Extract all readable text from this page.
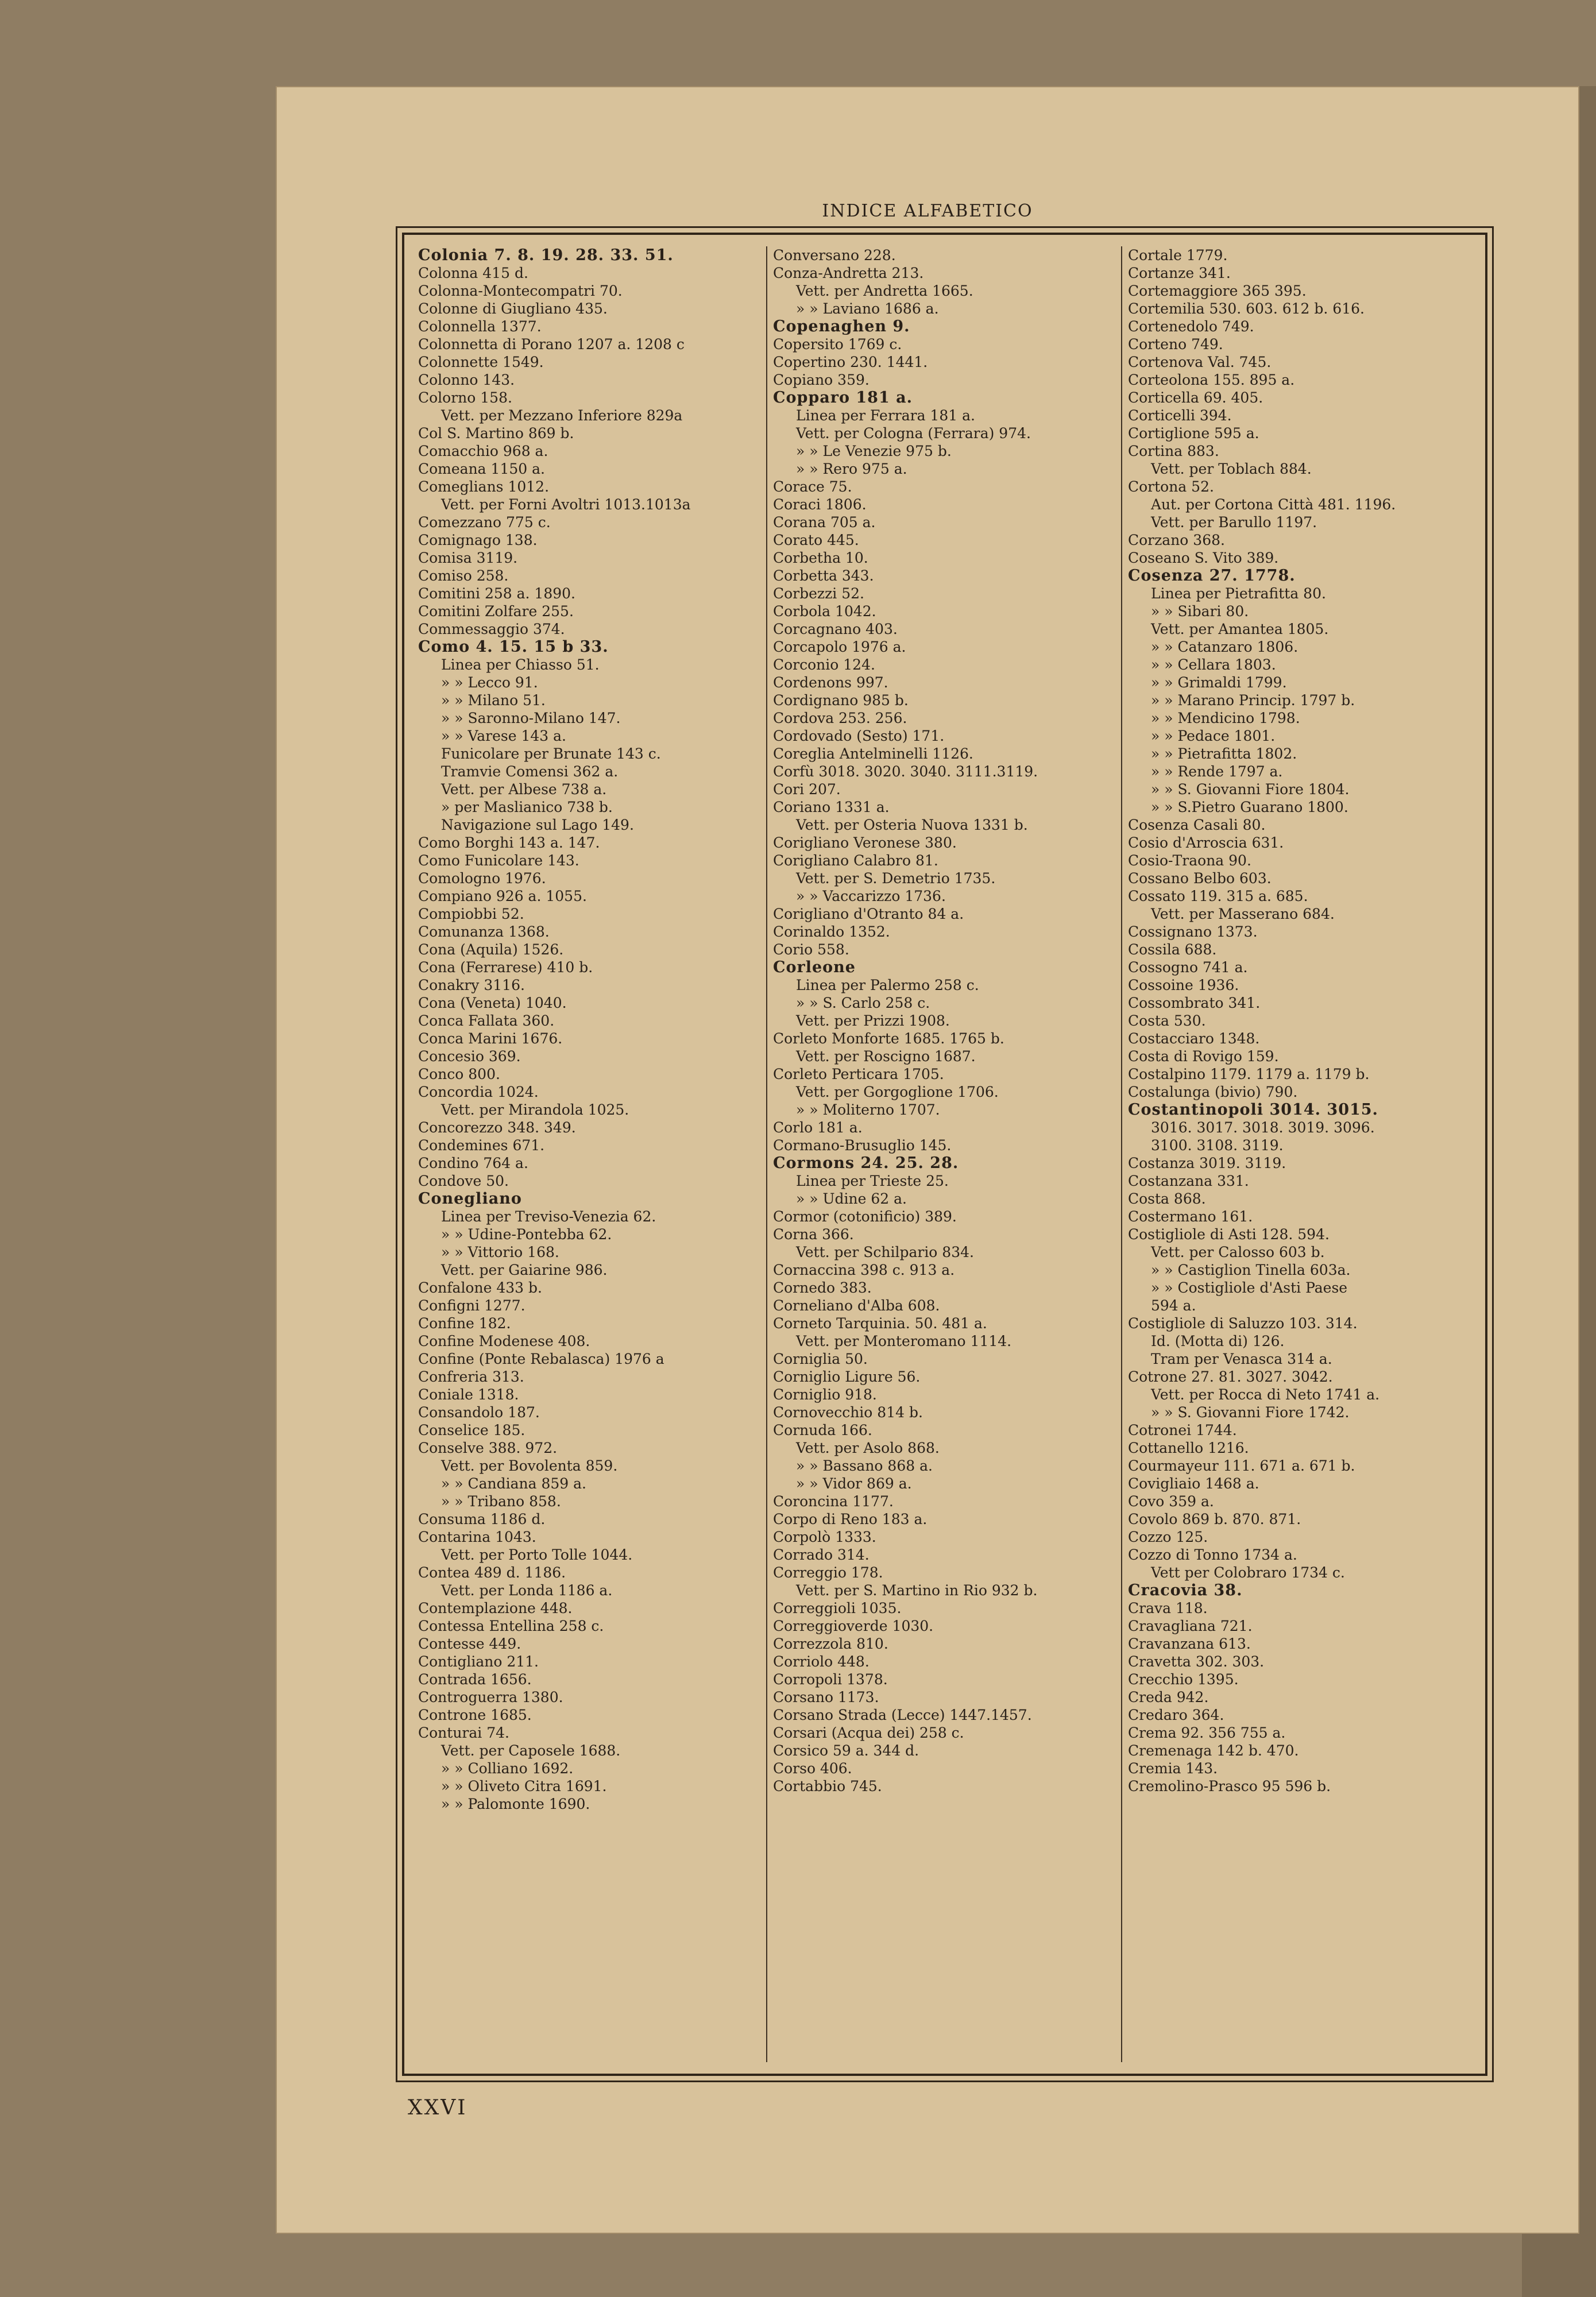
INDICE ALFABETICO
Colonia 7. 8. 19. 28. 33. 51.
Colonna 415 d.
Colonna-Montecompatri 70.
Colonne di Giugliano 435.
Colonnella 1377.
Colonnetta di Porano 1207 a. 1208 c
Colonnette 1549.
Colonno 143.
Colorno 158.
Vett. per Mezzano Inferiore 829a
Col S. Martino 869 b.
Comacchio 968 a.
Comeana 1150 a.
Comeglians 1012.
Vett. per Forni Avoltri 1013.1013a
Comezzano 775 c.
Comignago 138.
Comisa 3119.
Comiso 258.
Comitini 258 a. 1890.
Comitini Zolfare 255.
Commessaggio 374.
Como 4. 15. 15 b 33.
Linea per Chiasso 51.
» » Lecco 91.
» » Milano 51.
» » Saronno-Milano 147.
» » Varese 143 a.
Funicolare per Brunate 143 c.
Tramvie Comensi 362 a.
Vett. per Albese 738 a.
» per Maslianico 738 b.
Navigazione sul Lago 149.
Como Borghi 143 a. 147.
Como Funicolare 143.
Comologno 1976.
Compiano 926 a. 1055.
Compiobbi 52.
Comunanza 1368.
Cona (Aquila) 1526.
Cona (Ferrarese) 410 b.
Conakry 3116.
Cona (Veneta) 1040.
Conca Fallata 360.
Conca Marini 1676.
Concesio 369.
Conco 800.
Concordia 1024.
Vett. per Mirandola 1025.
Concorezzo 348. 349.
Condemines 671.
Condino 764 a.
Condove 50.
Conegliano
Linea per Treviso-Venezia 62.
» » Udine-Pontebba 62.
» » Vittorio 168.
Vett. per Gaiarine 986.
Confalone 433 b.
Configni 1277.
Confine 182.
Confine Modenese 408.
Confine (Ponte Rebalasca) 1976 a
Confreria 313.
Coniale 1318.
Consandolo 187.
Conselice 185.
Conselve 388. 972.
Vett. per Bovolenta 859.
» » Candiana 859 a.
» » Tribano 858.
Consuma 1186 d.
Contarina 1043.
Vett. per Porto Tolle 1044.
Contea 489 d. 1186.
Vett. per Londa 1186 a.
Contemplazione 448.
Contessa Entellina 258 c.
Contesse 449.
Contigliano 211.
Contrada 1656.
Controguerra 1380.
Controne 1685.
Conturai 74.
Vett. per Caposele 1688.
» » Colliano 1692.
» » Oliveto Citra 1691.
» » Palomonte 1690.
Conversano 228.
Conza-Andretta 213.
Vett. per Andretta 1665.
» » Laviano 1686 a.
Copenaghen 9.
Copersito 1769 c.
Copertino 230. 1441.
Copiano 359.
Copparo 181 a.
Linea per Ferrara 181 a.
Vett. per Cologna (Ferrara) 974.
» » Le Venezie 975 b.
» » Rero 975 a.
Corace 75.
Coraci 1806.
Corana 705 a.
Corato 445.
Corbetha 10.
Corbetta 343.
Corbezzi 52.
Corbola 1042.
Corcagnano 403.
Corcapolo 1976 a.
Corconio 124.
Cordenons 997.
Cordignano 985 b.
Cordova 253. 256.
Cordovado (Sesto) 171.
Coreglia Antelminelli 1126.
Corfù 3018. 3020. 3040. 3111.3119.
Cori 207.
Coriano 1331 a.
Vett. per Osteria Nuova 1331 b.
Corigliano Veronese 380.
Corigliano Calabro 81.
Vett. per S. Demetrio 1735.
» » Vaccarizzo 1736.
Corigliano d'Otranto 84 a.
Corinaldo 1352.
Corio 558.
Corleone
Linea per Palermo 258 c.
» » S. Carlo 258 c.
Vett. per Prizzi 1908.
Corleto Monforte 1685. 1765 b.
Vett. per Roscigno 1687.
Corleto Perticara 1705.
Vett. per Gorgoglione 1706.
» » Moliterno 1707.
Corlo 181 a.
Cormano-Brusuglio 145.
Cormons 24. 25. 28.
Linea per Trieste 25.
» » Udine 62 a.
Cormor (cotonificio) 389.
Corna 366.
Vett. per Schilpario 834.
Cornaccina 398 c. 913 a.
Cornedo 383.
Corneliano d'Alba 608.
Corneto Tarquinia. 50. 481 a.
Vett. per Monteromano 1114.
Corniglia 50.
Corniglio Ligure 56.
Corniglio 918.
Cornovecchio 814 b.
Cornuda 166.
Vett. per Asolo 868.
» » Bassano 868 a.
» » Vidor 869 a.
Coroncina 1177.
Corpo di Reno 183 a.
Corpolò 1333.
Corrado 314.
Correggio 178.
Vett. per S. Martino in Rio 932 b.
Correggioli 1035.
Correggioverde 1030.
Correzzola 810.
Corriolo 448.
Corropoli 1378.
Corsano 1173.
Corsano Strada (Lecce) 1447.1457.
Corsari (Acqua dei) 258 c.
Corsico 59 a. 344 d.
Corso 406.
Cortabbio 745.
Cortale 1779.
Cortanze 341.
Cortemaggiore 365 395.
Cortemilia 530. 603. 612 b. 616.
Cortenedolo 749.
Corteno 749.
Cortenova Val. 745.
Corteolona 155. 895 a.
Corticella 69. 405.
Corticelli 394.
Cortiglione 595 a.
Cortina 883.
Vett. per Toblach 884.
Cortona 52.
Aut. per Cortona Città 481. 1196.
Vett. per Barullo 1197.
Corzano 368.
Coseano S. Vito 389.
Cosenza 27. 1778.
Linea per Pietrafitta 80.
» » Sibari 80.
Vett. per Amantea 1805.
» » Catanzaro 1806.
» » Cellara 1803.
» » Grimaldi 1799.
» » Marano Princip. 1797 b.
» » Mendicino 1798.
» » Pedace 1801.
» » Pietrafitta 1802.
» » Rende 1797 a.
» » S. Giovanni Fiore 1804.
» » S.Pietro Guarano 1800.
Cosenza Casali 80.
Cosio d'Arroscia 631.
Cosio-Traona 90.
Cossano Belbo 603.
Cossato 119. 315 a. 685.
Vett. per Masserano 684.
Cossignano 1373.
Cossila 688.
Cossogno 741 a.
Cossoine 1936.
Cossombrato 341.
Costa 530.
Costacciaro 1348.
Costa di Rovigo 159.
Costalpino 1179. 1179 a. 1179 b.
Costalunga (bivio) 790.
Costantinopoli 3014. 3015.
3016. 3017. 3018. 3019. 3096.
3100. 3108. 3119.
Costanza 3019. 3119.
Costanzana 331.
Costa 868.
Costermano 161.
Costigliole di Asti 128. 594.
Vett. per Calosso 603 b.
» » Castiglion Tinella 603a.
» » Costigliole d'Asti Paese
594 a.
Costigliole di Saluzzo 103. 314.
Id. (Motta di) 126.
Tram per Venasca 314 a.
Cotrone 27. 81. 3027. 3042.
Vett. per Rocca di Neto 1741 a.
» » S. Giovanni Fiore 1742.
Cotronei 1744.
Cottanello 1216.
Courmayeur 111. 671 a. 671 b.
Covigliaio 1468 a.
Covo 359 a.
Covolo 869 b. 870. 871.
Cozzo 125.
Cozzo di Tonno 1734 a.
Vett per Colobraro 1734 c.
Cracovia 38.
Crava 118.
Cravagliana 721.
Cravanzana 613.
Cravetta 302. 303.
Crecchio 1395.
Creda 942.
Credaro 364.
Crema 92. 356 755 a.
Cremenaga 142 b. 470.
Cremia 143.
Cremolino-Prasco 95 596 b.
XXVI
